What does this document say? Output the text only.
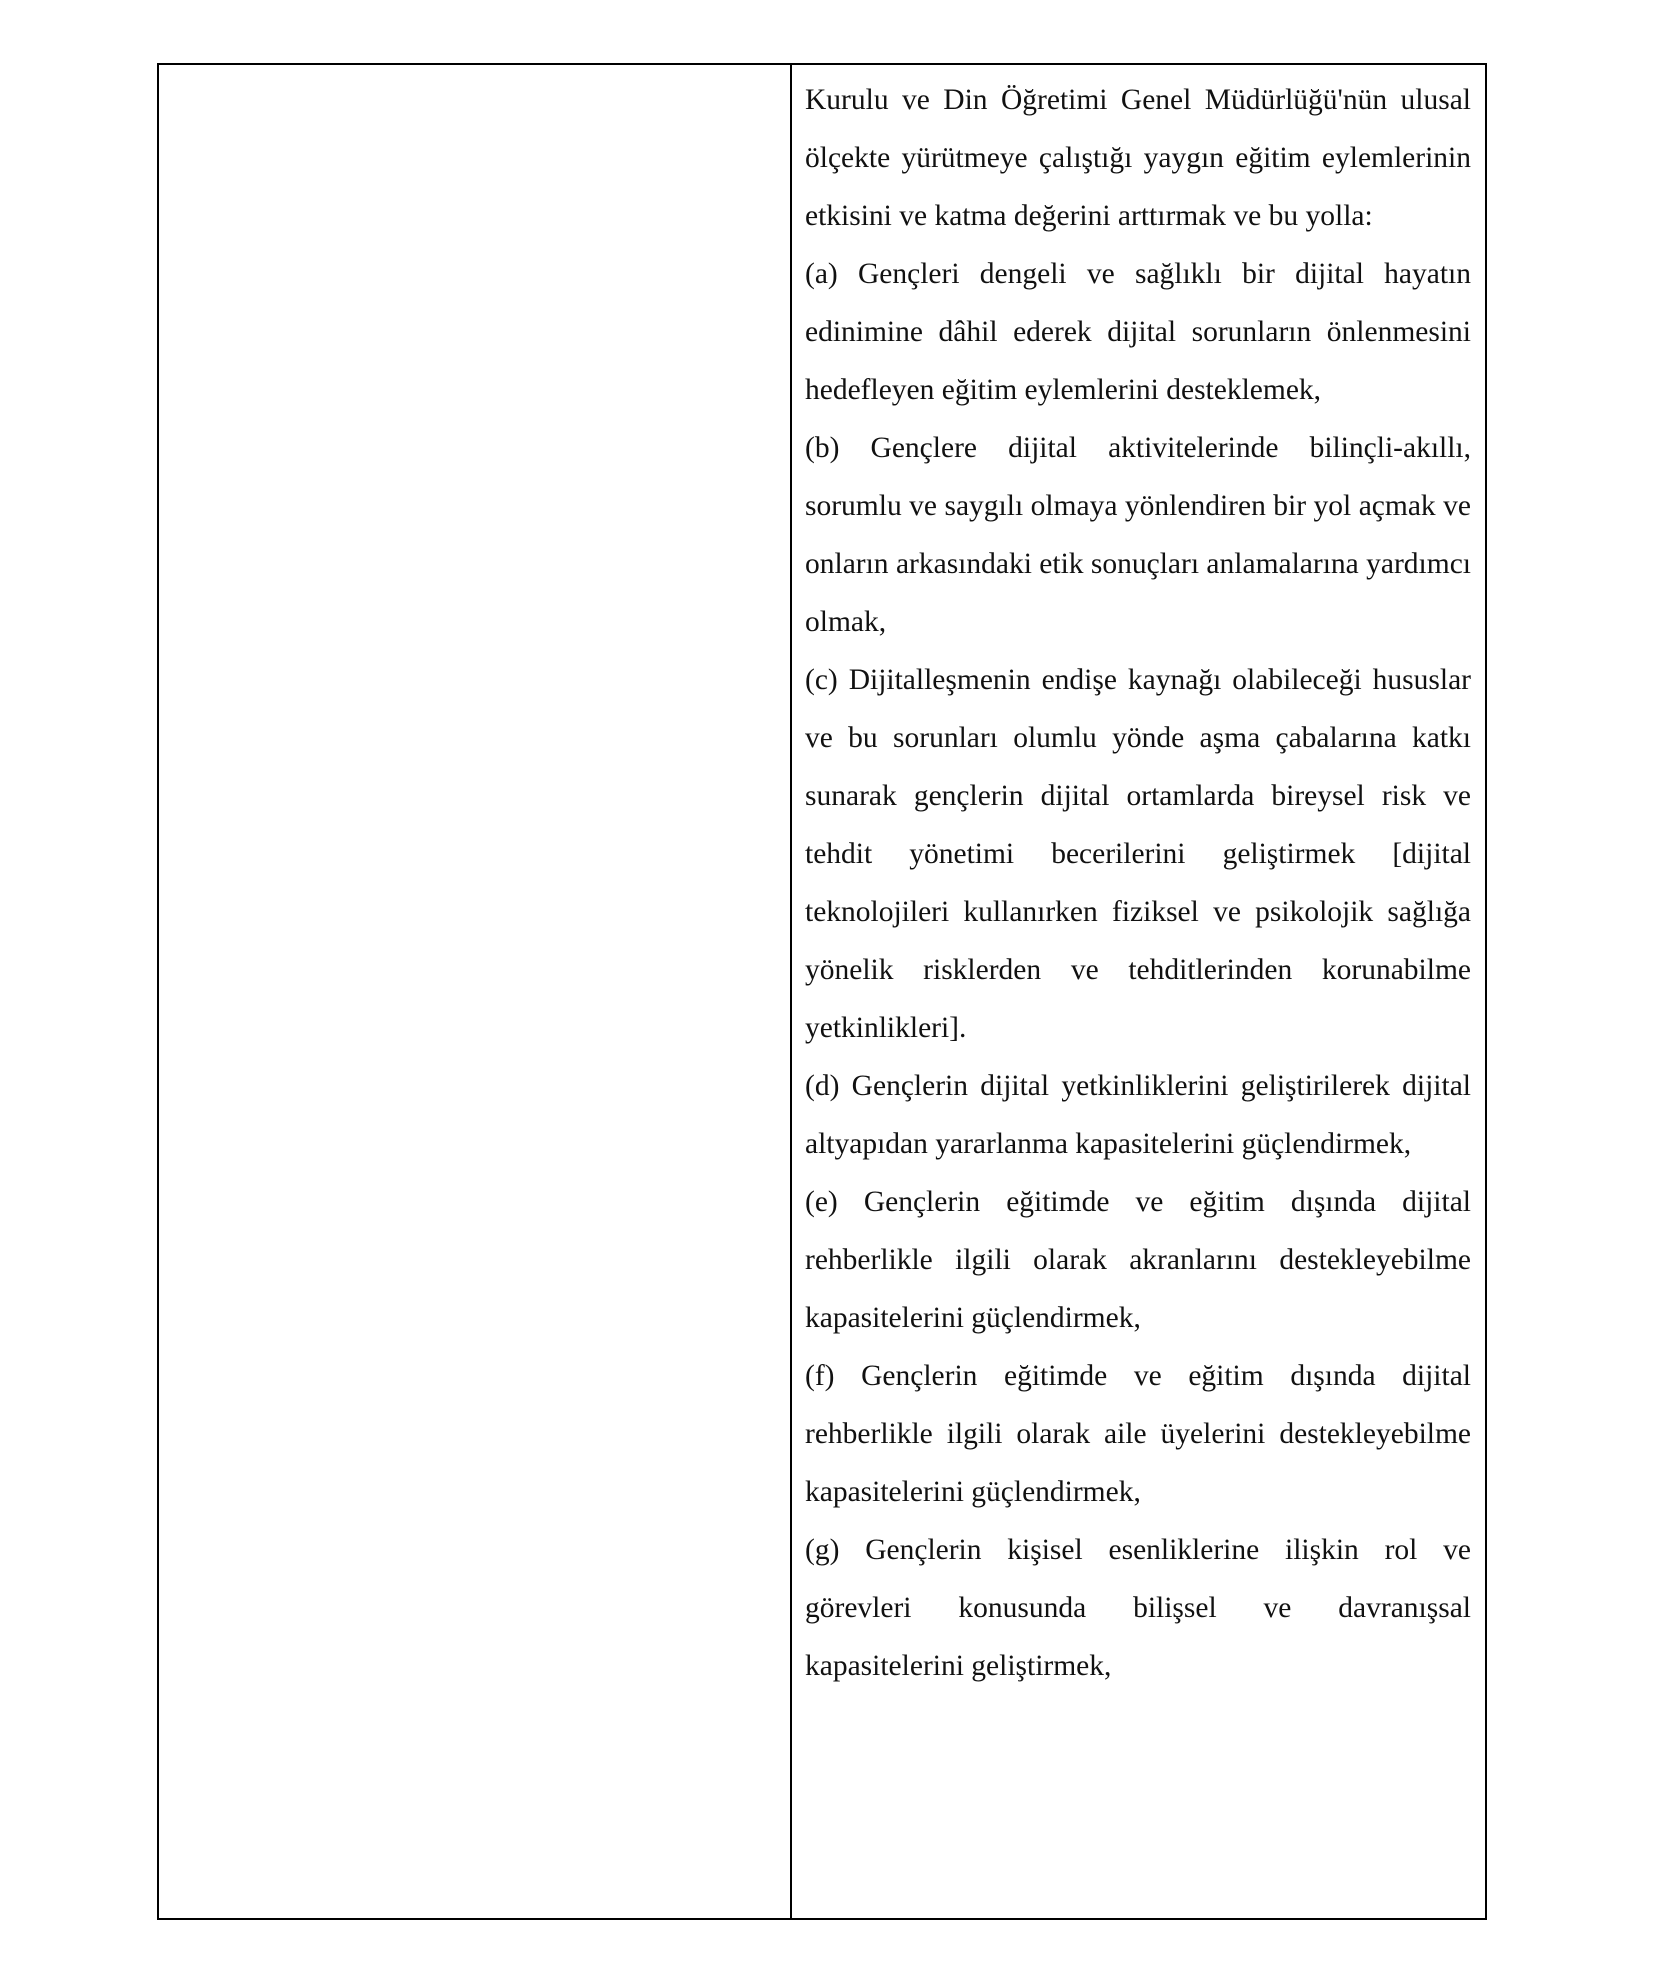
Kurulu ve Din Öğretimi Genel Müdürlüğü'nün ulusal ölçekte yürütmeye çalıştığı yaygın eğitim eylemlerinin etkisini ve katma değerini arttırmak ve bu yolla:

(a) Gençleri dengeli ve sağlıklı bir dijital hayatın edinimine dâhil ederek dijital sorunların önlenmesini hedefleyen eğitim eylemlerini desteklemek,

(b) Gençlere dijital aktivitelerinde bilinçli-akıllı, sorumlu ve saygılı olmaya yönlendiren bir yol açmak ve onların arkasındaki etik sonuçları anlamalarına yardımcı olmak,

(c) Dijitalleşmenin endişe kaynağı olabileceği hususlar ve bu sorunları olumlu yönde aşma çabalarına katkı sunarak gençlerin dijital ortamlarda bireysel risk ve tehdit yönetimi becerilerini geliştirmek [dijital teknolojileri kullanırken fiziksel ve psikolojik sağlığa yönelik risklerden ve tehditlerinden korunabilme yetkinlikleri].

(d) Gençlerin dijital yetkinliklerini geliştirilerek dijital altyapıdan yararlanma kapasitelerini güçlendirmek,

(e) Gençlerin eğitimde ve eğitim dışında dijital rehberlikle ilgili olarak akranlarını destekleyebilme kapasitelerini güçlendirmek,

(f) Gençlerin eğitimde ve eğitim dışında dijital rehberlikle ilgili olarak aile üyelerini destekleyebilme kapasitelerini güçlendirmek,

(g) Gençlerin kişisel esenliklerine ilişkin rol ve görevleri konusunda bilişsel ve davranışsal kapasitelerini geliştirmek,
